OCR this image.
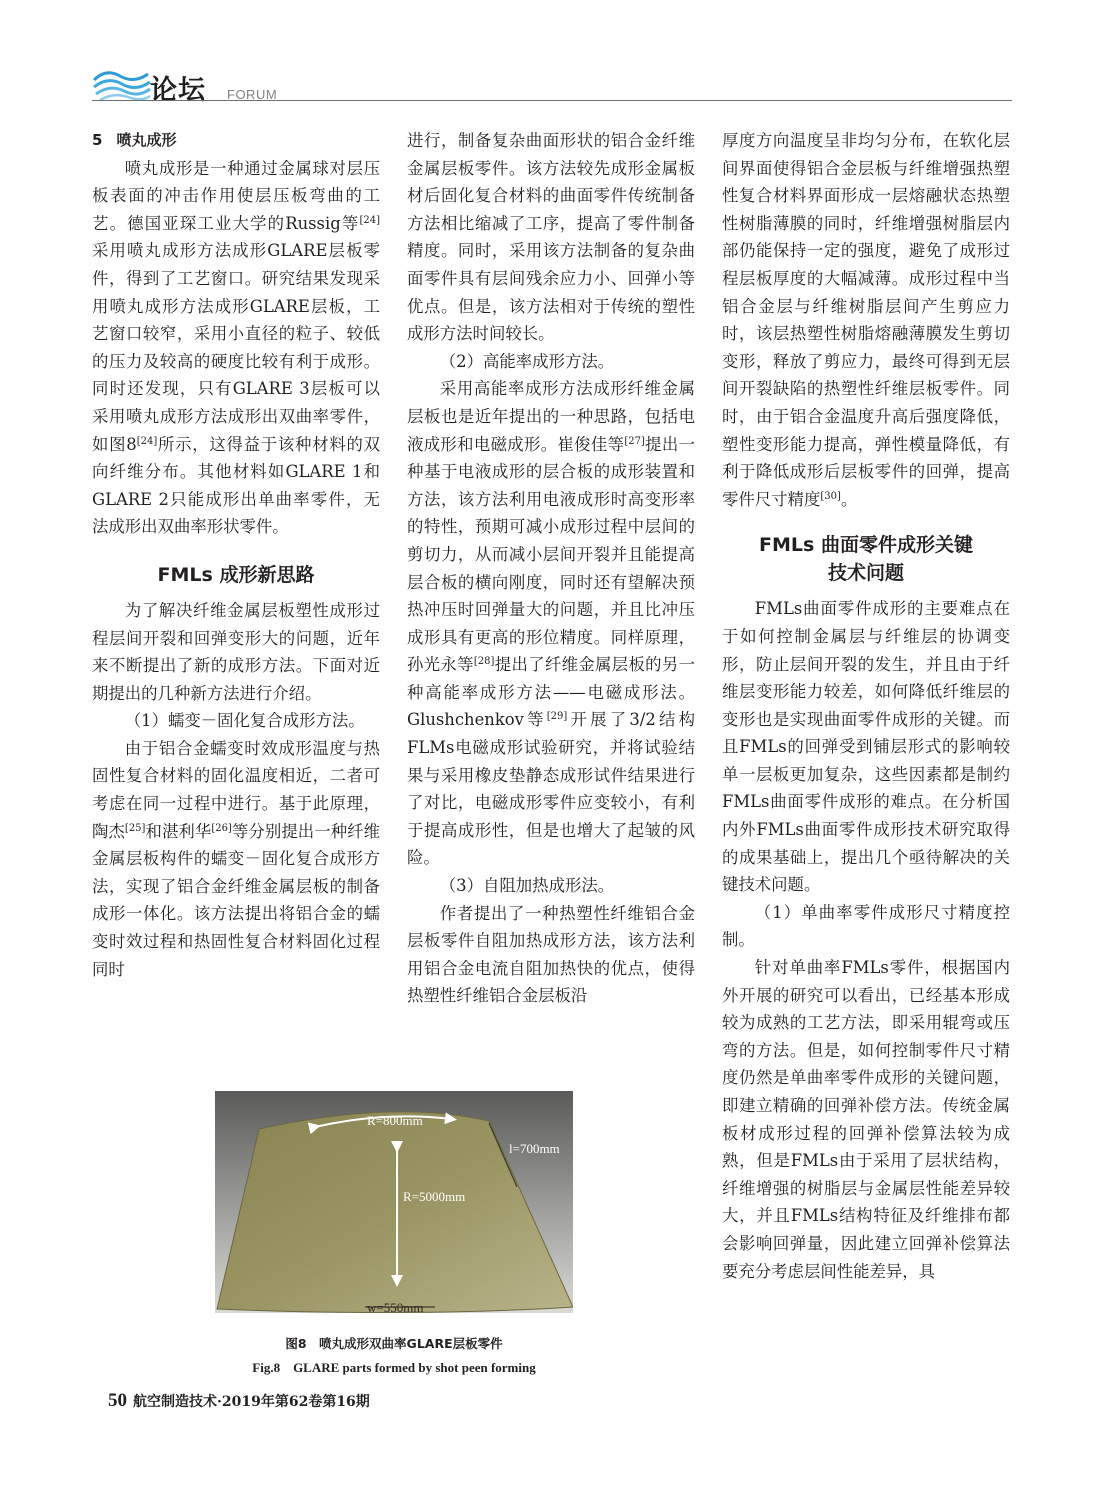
论坛 FORUM
5 喷丸成形

喷丸成形是一种通过金属球对层压板表面的冲击作用使层压板弯曲的工艺。德国亚琛工业大学的Russig等[24]采用喷丸成形方法成形GLARE层板零件，得到了工艺窗口。研究结果发现采用喷丸成形方法成形GLARE层板，工艺窗口较窄，采用小直径的粒子、较低的压力及较高的硬度比较有利于成形。同时还发现，只有GLARE 3层板可以采用喷丸成形方法成形出双曲率零件，如图8[24]所示，这得益于该种材料的双向纤维分布。其他材料如GLARE 1和GLARE 2只能成形出单曲率零件，无法成形出双曲率形状零件。

FMLs 成形新思路

为了解决纤维金属层板塑性成形过程层间开裂和回弹变形大的问题，近年来不断提出了新的成形方法。下面对近期提出的几种新方法进行介绍。

（1）蠕变－固化复合成形方法。

由于铝合金蠕变时效成形温度与热固性复合材料的固化温度相近，二者可考虑在同一过程中进行。基于此原理，陶杰[25]和湛利华[26]等分别提出一种纤维金属层板构件的蠕变－固化复合成形方法，实现了铝合金纤维金属层板的制备成形一体化。该方法提出将铝合金的蠕变时效过程和热固性复合材料固化过程同时

进行，制备复杂曲面形状的铝合金纤维金属层板零件。该方法较先成形金属板材后固化复合材料的曲面零件传统制备方法相比缩减了工序，提高了零件制备精度。同时，采用该方法制备的复杂曲面零件具有层间残余应力小、回弹小等优点。但是，该方法相对于传统的塑性成形方法时间较长。

（2）高能率成形方法。

采用高能率成形方法成形纤维金属层板也是近年提出的一种思路，包括电液成形和电磁成形。崔俊佳等[27]提出一种基于电液成形的层合板的成形装置和方法，该方法利用电液成形时高变形率的特性，预期可减小成形过程中层间的剪切力，从而减小层间开裂并且能提高层合板的横向刚度，同时还有望解决预热冲压时回弹量大的问题，并且比冲压成形具有更高的形位精度。同样原理，孙光永等[28]提出了纤维金属层板的另一种高能率成形方法——电磁成形法。Glushchenkov等[29]开展了3/2结构FLMs电磁成形试验研究，并将试验结果与采用橡皮垫静态成形试件结果进行了对比，电磁成形零件应变较小，有利于提高成形性，但是也增大了起皱的风险。

（3）自阻加热成形法。

作者提出了一种热塑性纤维铝合金层板零件自阻加热成形方法，该方法利用铝合金电流自阻加热快的优点，使得热塑性纤维铝合金层板沿

厚度方向温度呈非均匀分布，在软化层间界面使得铝合金层板与纤维增强热塑性复合材料界面形成一层熔融状态热塑性树脂薄膜的同时，纤维增强树脂层内部仍能保持一定的强度，避免了成形过程层板厚度的大幅减薄。成形过程中当铝合金层与纤维树脂层间产生剪应力时，该层热塑性树脂熔融薄膜发生剪切变形，释放了剪应力，最终可得到无层间开裂缺陷的热塑性纤维层板零件。同时，由于铝合金温度升高后强度降低，塑性变形能力提高，弹性模量降低，有利于降低成形后层板零件的回弹，提高零件尺寸精度[30]。

FMLs 曲面零件成形关键
技术问题

FMLs曲面零件成形的主要难点在于如何控制金属层与纤维层的协调变形，防止层间开裂的发生，并且由于纤维层变形能力较差，如何降低纤维层的变形也是实现曲面零件成形的关键。而且FMLs的回弹受到铺层形式的影响较单一层板更加复杂，这些因素都是制约FMLs曲面零件成形的难点。在分析国内外FMLs曲面零件成形技术研究取得的成果基础上，提出几个亟待解决的关键技术问题。

（1）单曲率零件成形尺寸精度控制。

针对单曲率FMLs零件，根据国内外开展的研究可以看出，已经基本形成较为成熟的工艺方法，即采用辊弯或压弯的方法。但是，如何控制零件尺寸精度仍然是单曲率零件成形的关键问题，即建立精确的回弹补偿方法。传统金属板材成形过程的回弹补偿算法较为成熟，但是FMLs由于采用了层状结构，纤维增强的树脂层与金属层性能差异较大，并且FMLs结构特征及纤维排布都会影响回弹量，因此建立回弹补偿算法要充分考虑层间性能差异，具

R=800mm
l=700mm
R=5000mm
w=550mm
图8　喷丸成形双曲率GLARE层板零件
Fig.8　GLARE parts formed by shot peen forming
50 航空制造技术·2019年第62卷第16期
